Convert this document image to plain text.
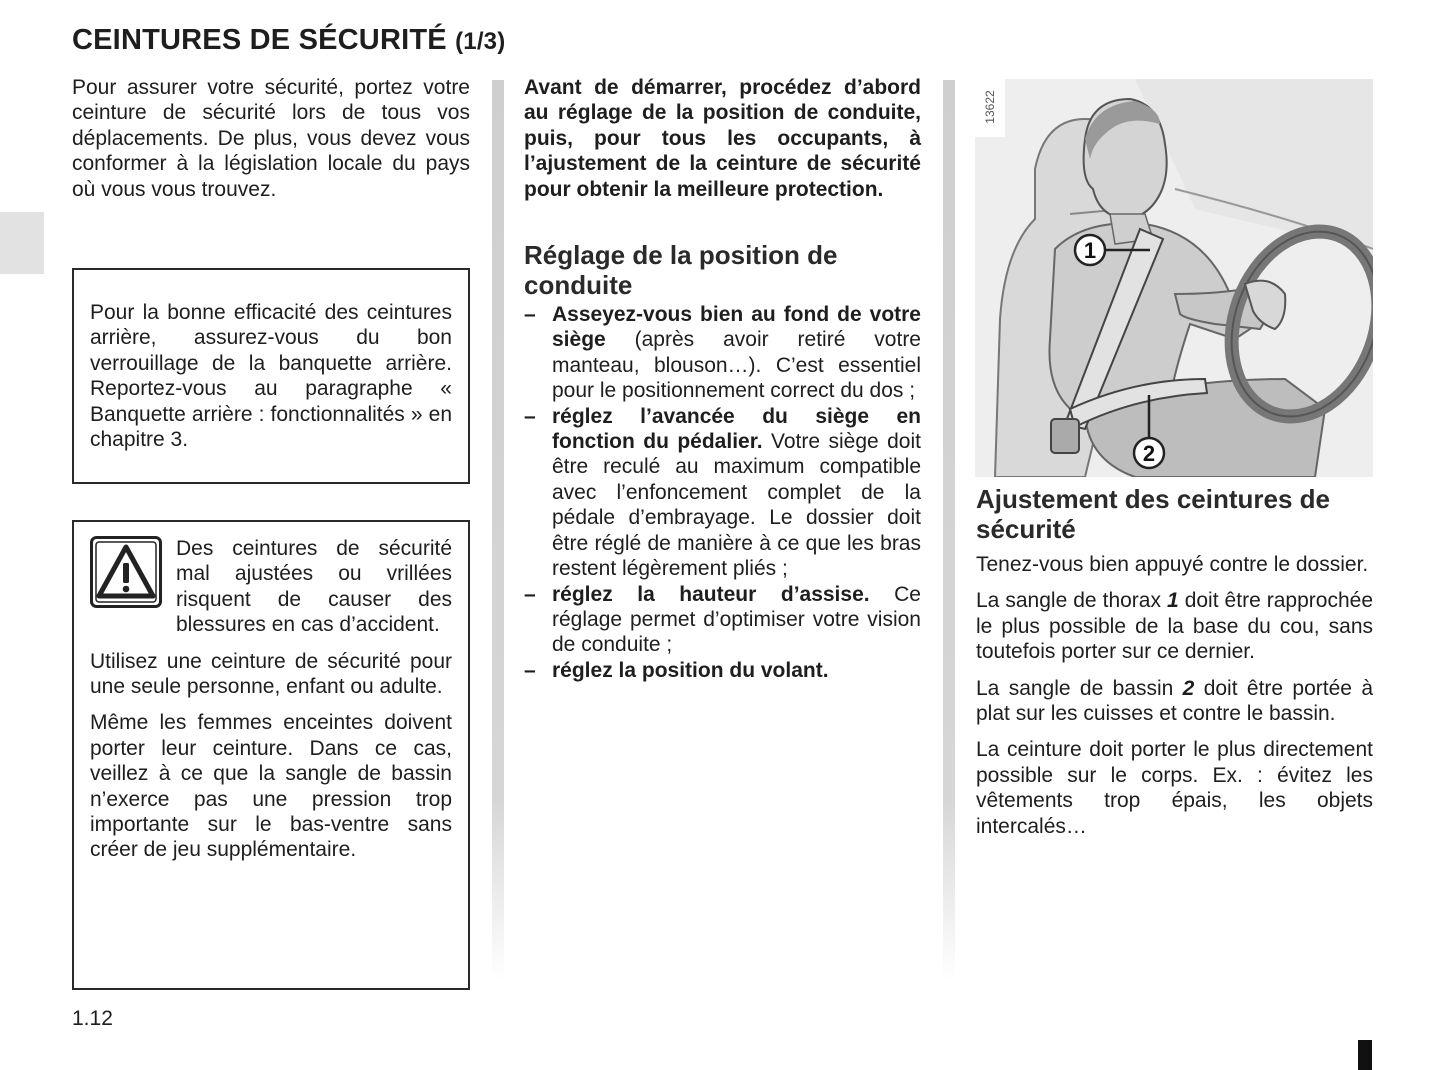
CEINTURES DE SÉCURITÉ (1/3)
Pour assurer votre sécurité, portez votre ceinture de sécurité lors de tous vos déplacements. De plus, vous devez vous conformer à la législation locale du pays où vous vous trouvez.

Pour la bonne efficacité des ceintures arrière, assurez-vous du bon verrouillage de la banquette arrière. Reportez-vous au paragraphe « Banquette arrière : fonctionnalités » en chapitre 3.

Des ceintures de sécurité mal ajustées ou vrillées risquent de causer des blessures en cas d’accident.

Utilisez une ceinture de sécurité pour une seule personne, enfant ou adulte.

Même les femmes enceintes doivent porter leur ceinture. Dans ce cas, veillez à ce que la sangle de bassin n’exerce pas une pression trop importante sur le bas-ventre sans créer de jeu supplémentaire.

Avant de démarrer, procédez d’abord au réglage de la position de conduite, puis, pour tous les occupants, à l’ajustement de la ceinture de sécurité pour obtenir la meilleure protection.

Réglage de la position de conduite
– Asseyez-vous bien au fond de votre siège (après avoir retiré votre manteau, blouson…). C’est essentiel pour le positionnement correct du dos ;
– réglez l’avancée du siège en fonction du pédalier. Votre siège doit être reculé au maximum compatible avec l’enfoncement complet de la pédale d’embrayage. Le dossier doit être réglé de manière à ce que les bras restent légèrement pliés ;
– réglez la hauteur d’assise. Ce réglage permet d’optimiser votre vision de conduite ;
– réglez la position du volant.
13622
1
2
Ajustement des ceintures de sécurité

Tenez-vous bien appuyé contre le dossier.

La sangle de thorax 1 doit être rapprochée le plus possible de la base du cou, sans toutefois porter sur ce dernier.

La sangle de bassin 2 doit être portée à plat sur les cuisses et contre le bassin.

La ceinture doit porter le plus directement possible sur le corps. Ex. : évitez les vêtements trop épais, les objets intercalés…

1.12
